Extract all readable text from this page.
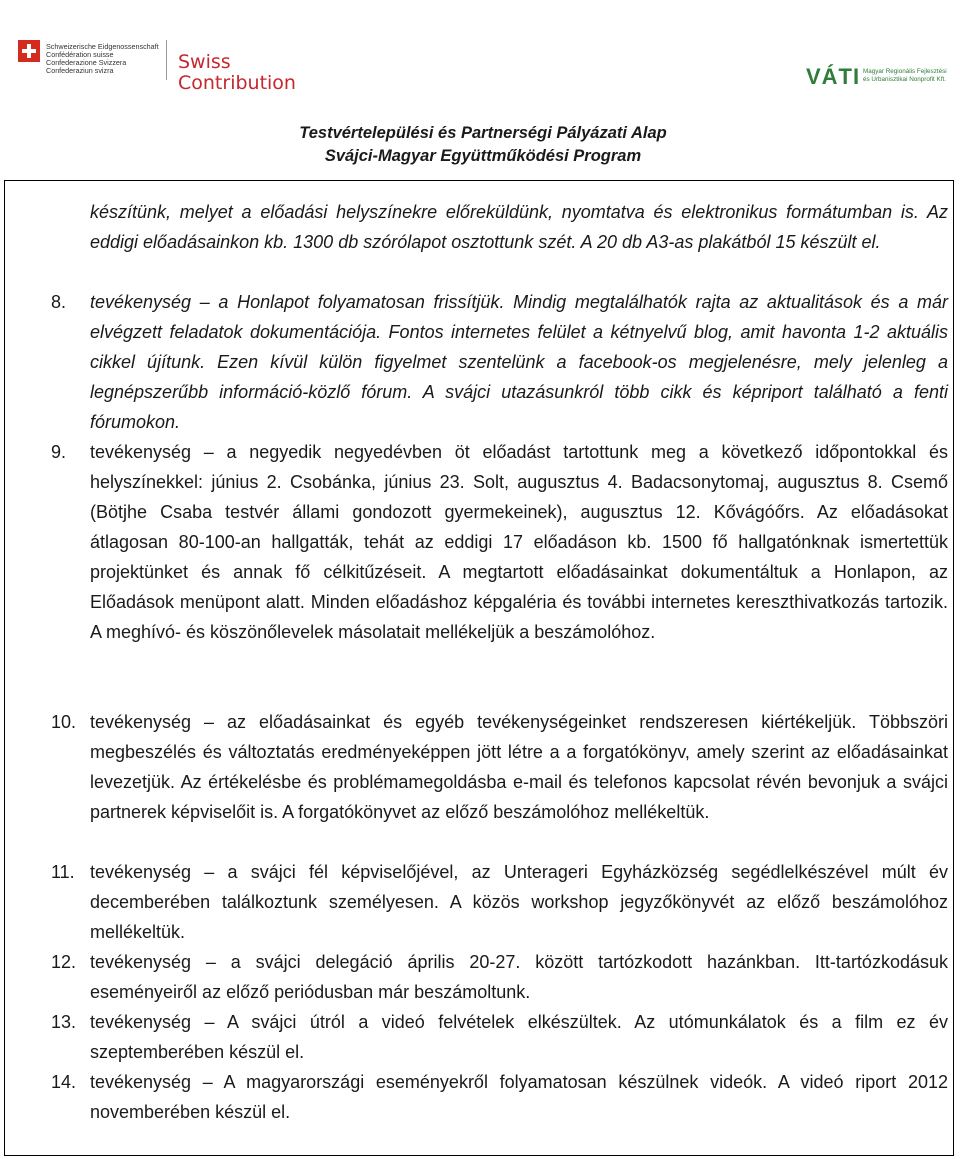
Schweizerische Eidgenossenschaft
Confédération suisse
Confederazione Svizzera
Confederaziun svizra	Swiss
Contribution	VÁTI Magyar Regionális Fejlesztési
és Urbanisztikai Nonprofit Kft.
Testvértelepülési és Partnerségi Pályázati Alap
Svájci-Magyar Együttműködési Program
készítünk, melyet a előadási helyszínekre előreküldünk, nyomtatva és elektronikus formátumban is. Az eddigi előadásainkon kb. 1300 db szórólapot osztottunk szét. A 20 db A3-as plakátból 15 készült el.
8. tevékenység – a Honlapot folyamatosan frissítjük. Mindig megtalálhatók rajta az aktualitások és a már elvégzett feladatok dokumentációja. Fontos internetes felület a kétnyelvű blog, amit havonta 1-2 aktuális cikkel újítunk. Ezen kívül külön figyelmet szentelünk a facebook-os megjelenésre, mely jelenleg a legnépszerűbb információ-közlő fórum. A svájci utazásunkról több cikk és képriport található a fenti fórumokon.
9. tevékenység – a negyedik negyedévben öt előadást tartottunk meg a következő időpontokkal és helyszínekkel: június 2. Csobánka, június 23. Solt, augusztus 4. Badacsonytomaj, augusztus 8. Csemő (Bötjhe Csaba testvér állami gondozott gyermekeinek), augusztus 12. Kővágóőrs. Az előadásokat átlagosan 80-100-an hallgatták, tehát az eddigi 17 előadáson kb. 1500 fő hallgatónknak ismertettük projektünket és annak fő célkitűzéseit. A megtartott előadásainkat dokumentáltuk a Honlapon, az Előadások menüpont alatt. Minden előadáshoz képgaléria és további internetes kereszthivatkozás tartozik. A meghívó- és köszönőlevelek másolatait mellékeljük a beszámolóhoz.
10. tevékenység – az előadásainkat és egyéb tevékenységeinket rendszeresen kiértékeljük. Többszöri megbeszélés és változtatás eredményeképpen jött létre a a forgatókönyv, amely szerint az előadásainkat levezetjük. Az értékelésbe és problémamegoldásba e-mail és telefonos kapcsolat révén bevonjuk a svájci partnerek képviselőit is. A forgatókönyvet az előző beszámolóhoz mellékeltük.
11. tevékenység – a svájci fél képviselőjével, az Unterageri Egyházközség segédlelkészével múlt év decemberében találkoztunk személyesen. A közös workshop jegyzőkönyvét az előző beszámolóhoz mellékeltük.
12. tevékenység – a svájci delegáció április 20-27. között tartózkodott hazánkban. Itt-tartózkodásuk eseményeiről az előző periódusban már beszámoltunk.
13. tevékenység – A svájci útról a videó felvételek elkészültek. Az utómunkálatok és a film ez év szeptemberében készül el.
14. tevékenység – A magyarországi eseményekről folyamatosan készülnek videók. A videó riport 2012 novemberében készül el.
